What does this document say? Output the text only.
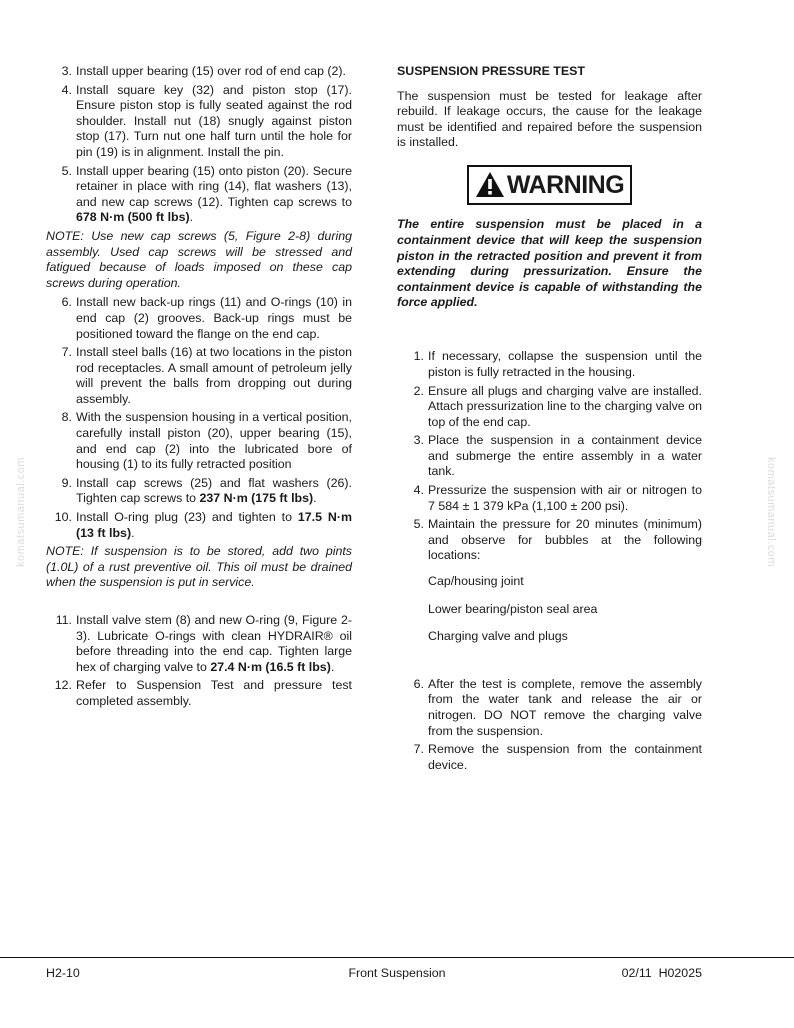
3. Install upper bearing (15) over rod of end cap (2).
4. Install square key (32) and piston stop (17). Ensure piston stop is fully seated against the rod shoulder. Install nut (18) snugly against piston stop (17). Turn nut one half turn until the hole for pin (19) is in alignment. Install the pin.
5. Install upper bearing (15) onto piston (20). Secure retainer in place with ring (14), flat washers (13), and new cap screws (12). Tighten cap screws to 678 N·m (500 ft lbs).

NOTE: Use new cap screws (5, Figure 2-8) during assembly. Used cap screws will be stressed and fatigued because of loads imposed on these cap screws during operation.

6. Install new back-up rings (11) and O-rings (10) in end cap (2) grooves. Back-up rings must be positioned toward the flange on the end cap.
7. Install steel balls (16) at two locations in the piston rod receptacles. A small amount of petroleum jelly will prevent the balls from dropping out during assembly.
8. With the suspension housing in a vertical position, carefully install piston (20), upper bearing (15), and end cap (2) into the lubricated bore of housing (1) to its fully retracted position
9. Install cap screws (25) and flat washers (26). Tighten cap screws to 237 N·m (175 ft lbs).
10. Install O-ring plug (23) and tighten to 17.5 N·m (13 ft lbs).

NOTE: If suspension is to be stored, add two pints (1.0L) of a rust preventive oil. This oil must be drained when the suspension is put in service.

11. Install valve stem (8) and new O-ring (9, Figure 2-3). Lubricate O-rings with clean HYDRAIR® oil before threading into the end cap. Tighten large hex of charging valve to 27.4 N·m (16.5 ft lbs).
12. Refer to Suspension Test and pressure test completed assembly.
SUSPENSION PRESSURE TEST

The suspension must be tested for leakage after rebuild. If leakage occurs, the cause for the leakage must be identified and repaired before the suspension is installed.

WARNING

The entire suspension must be placed in a containment device that will keep the suspension piston in the retracted position and prevent it from extending during pressurization. Ensure the containment device is capable of withstanding the force applied.

1. If necessary, collapse the suspension until the piston is fully retracted in the housing.
2. Ensure all plugs and charging valve are installed. Attach pressurization line to the charging valve on top of the end cap.
3. Place the suspension in a containment device and submerge the entire assembly in a water tank.
4. Pressurize the suspension with air or nitrogen to 7 584 ± 1 379 kPa (1,100 ± 200 psi).
5. Maintain the pressure for 20 minutes (minimum) and observe for bubbles at the following locations:
Cap/housing joint
Lower bearing/piston seal area
Charging valve and plugs
6. After the test is complete, remove the assembly from the water tank and release the air or nitrogen. DO NOT remove the charging valve from the suspension.
7. Remove the suspension from the containment device.
komatsumanual.com	komatsumanual.com
Front Suspension
H2-10	02/11  H02025
